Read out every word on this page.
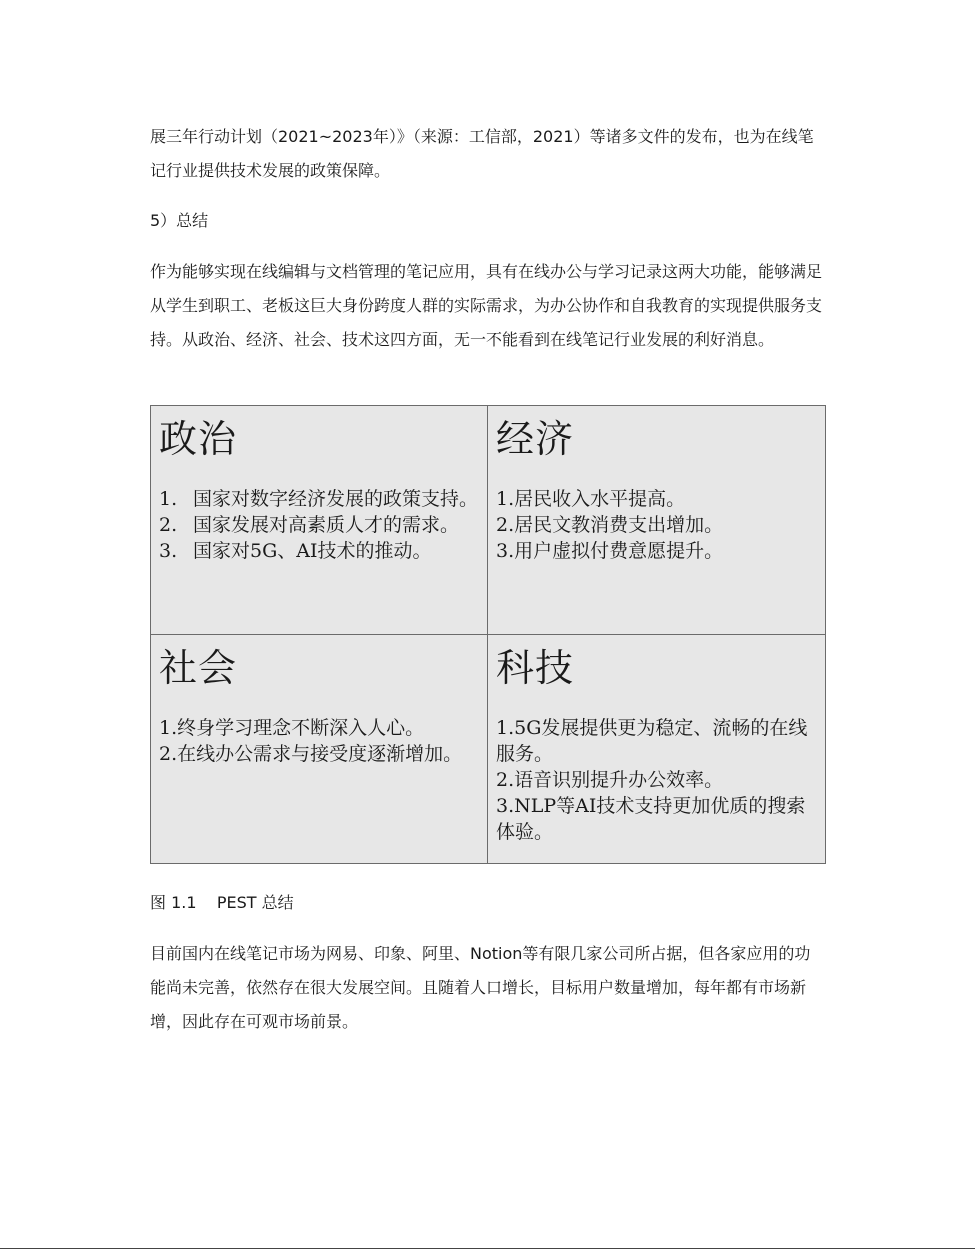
展三年行动计划（2021~2023年）》（来源：工信部，2021）等诸多文件的发布，也为在线笔记行业提供技术发展的政策保障。

5）总结

作为能够实现在线编辑与文档管理的笔记应用，具有在线办公与学习记录这两大功能，能够满足从学生到职工、老板这巨大身份跨度人群的实际需求，为办公协作和自我教育的实现提供服务支持。从政治、经济、社会、技术这四方面，无一不能看到在线笔记行业发展的利好消息。

政治
1. 国家对数字经济发展的政策支持。
2. 国家发展对高素质人才的需求。
3. 国家对5G、AI技术的推动。
经济
1.居民收入水平提高。
2.居民文教消费支出增加。
3.用户虚拟付费意愿提升。
社会
1.终身学习理念不断深入人心。
2.在线办公需求与接受度逐渐增加。
科技
1.5G发展提供更为稳定、流畅的在线服务。
2.语音识别提升办公效率。
3.NLP等AI技术支持更加优质的搜索体验。

图 1.1    PEST 总结

目前国内在线笔记市场为网易、印象、阿里、Notion等有限几家公司所占据，但各家应用的功能尚未完善，依然存在很大发展空间。且随着人口增长，目标用户数量增加，每年都有市场新增，因此存在可观市场前景。
